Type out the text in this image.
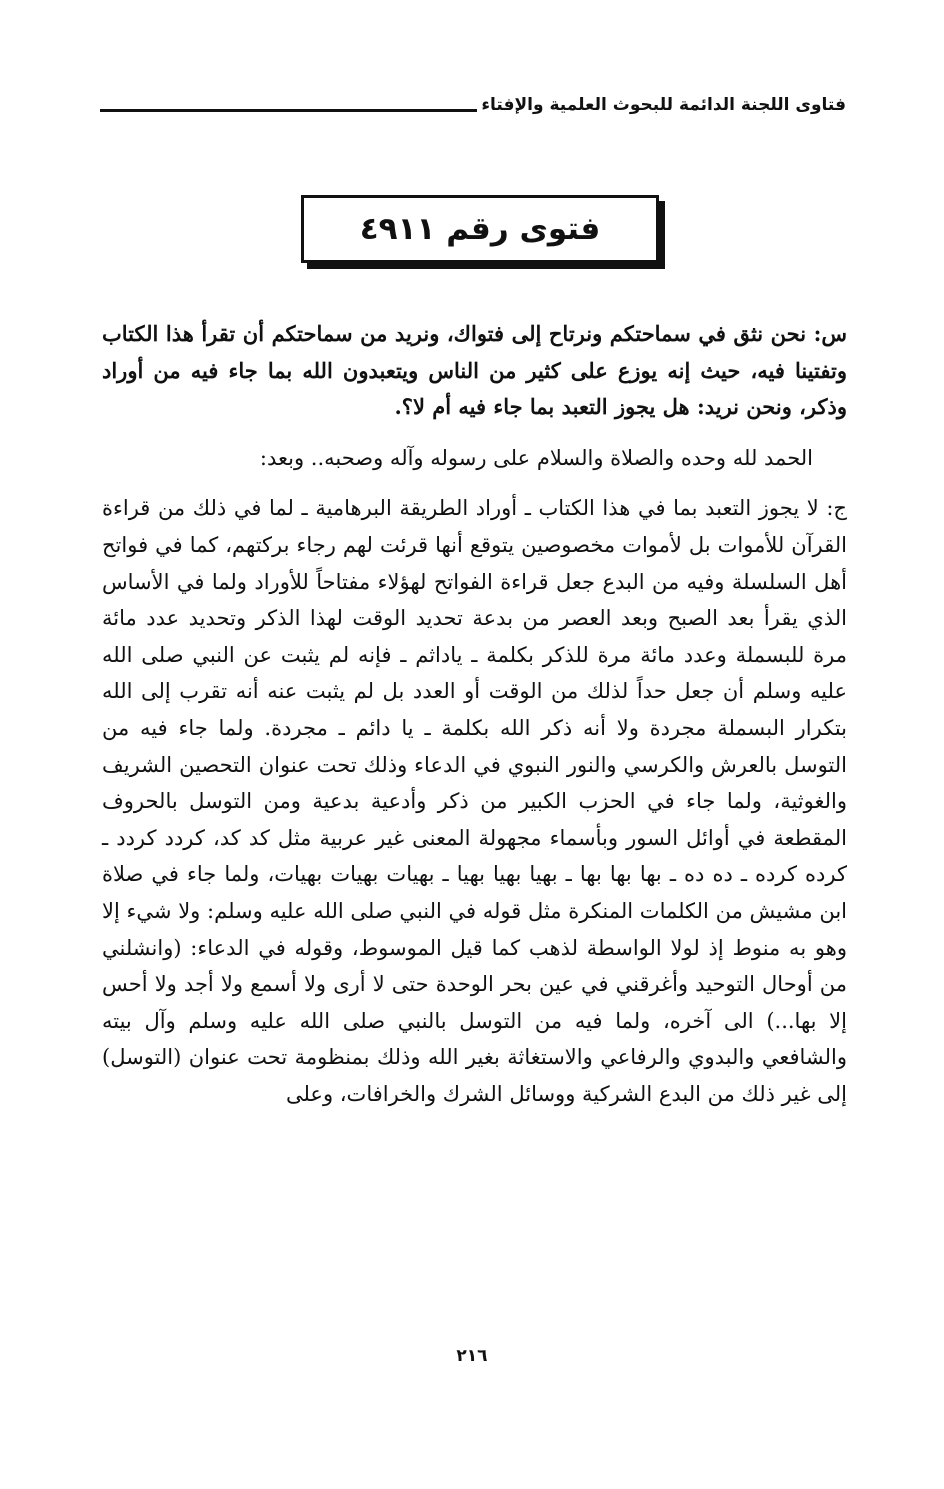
فتاوى اللجنة الدائمة للبحوث العلمية والإفتاء
فتوى رقم ٤٩١١

س: نحن نثق في سماحتكم ونرتاح إلى فتواك، ونريد من سماحتكم أن تقرأ هذا الكتاب وتفتينا فيه، حيث إنه يوزع على كثير من الناس ويتعبدون الله بما جاء فيه من أوراد وذكر، ونحن نريد: هل يجوز التعبد بما جاء فيه أم لا؟.

الحمد لله وحده والصلاة والسلام على رسوله وآله وصحبه.. وبعد:

ج: لا يجوز التعبد بما في هذا الكتاب ـ أوراد الطريقة البرهامية ـ لما في ذلك من قراءة القرآن للأموات بل لأموات مخصوصين يتوقع أنها قرئت لهم رجاء بركتهم، كما في فواتح أهل السلسلة وفيه من البدع جعل قراءة الفواتح لهؤلاء مفتاحاً للأوراد ولما في الأساس الذي يقرأ بعد الصبح وبعد العصر من بدعة تحديد الوقت لهذا الذكر وتحديد عدد مائة مرة للبسملة وعدد مائة مرة للذكر بكلمة ـ ياداثم ـ فإنه لم يثبت عن النبي صلى الله عليه وسلم أن جعل حداً لذلك من الوقت أو العدد بل لم يثبت عنه أنه تقرب إلى الله بتكرار البسملة مجردة ولا أنه ذكر الله بكلمة ـ يا دائم ـ مجردة. ولما جاء فيه من التوسل بالعرش والكرسي والنور النبوي في الدعاء وذلك تحت عنوان التحصين الشريف والغوثية، ولما جاء في الحزب الكبير من ذكر وأدعية بدعية ومن التوسل بالحروف المقطعة في أوائل السور وبأسماء مجهولة المعنى غير عربية مثل كد كد، كردد كردد ـ كرده كرده ـ ده ده ـ بها بها بها ـ بهيا بهيا بهيا ـ بهيات بهيات بهيات، ولما جاء في صلاة ابن مشيش من الكلمات المنكرة مثل قوله في النبي صلى الله عليه وسلم: ولا شيء إلا وهو به منوط إذ لولا الواسطة لذهب كما قيل الموسوط، وقوله في الدعاء: (وانشلني من أوحال التوحيد وأغرقني في عين بحر الوحدة حتى لا أرى ولا أسمع ولا أجد ولا أحس إلا بها...) الى آخره، ولما فيه من التوسل بالنبي صلى الله عليه وسلم وآل بيته والشافعي والبدوي والرفاعي والاستغاثة بغير الله وذلك بمنظومة تحت عنوان (التوسل) إلى غير ذلك من البدع الشركية ووسائل الشرك والخرافات، وعلى

٢١٦
